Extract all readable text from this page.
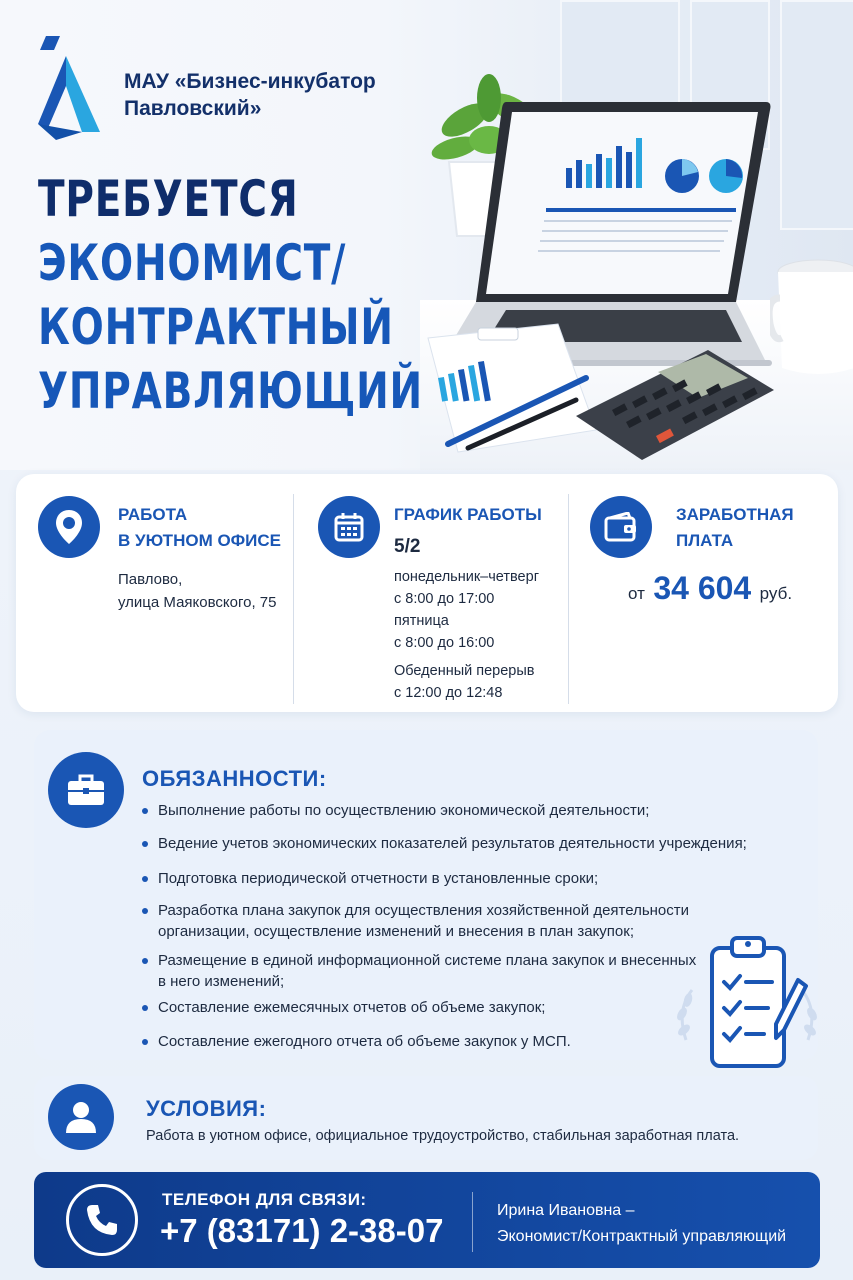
МАУ «Бизнес-инкубатор
Павловский»
ТРЕБУЕТСЯ
ЭКОНОМИСТ/
КОНТРАКТНЫЙ
УПРАВЛЯЮЩИЙ
РАБОТА
В УЮТНОМ ОФИСЕ
Павлово,
улица Маяковского, 75
ГРАФИК РАБОТЫ
5/2
понедельник–четверг
с 8:00 до 17:00
пятница
с 8:00 до 16:00
Обеденный перерыв
с 12:00 до 12:48
ЗАРАБОТНАЯ
ПЛАТА
от 34 604 руб.
ОБЯЗАННОСТИ:
Выполнение работы по осуществлению экономической деятельности;
Ведение учетов экономических показателей результатов деятельности учреждения;
Подготовка периодической отчетности в установленные сроки;
Разработка плана закупок для осуществления хозяйственной деятельности
организации, осуществление изменений и внесения в план закупок;
Размещение в единой информационной системе плана закупок и внесенных
в него изменений;
Составление ежемесячных отчетов об объеме закупок;
Составление ежегодного отчета об объеме закупок у МСП.
УСЛОВИЯ:
Работа в уютном офисе, официальное трудоустройство, стабильная заработная плата.
ТЕЛЕФОН ДЛЯ СВЯЗИ:
+7 (83171) 2-38-07
Ирина Ивановна –
Экономист/Контрактный управляющий
